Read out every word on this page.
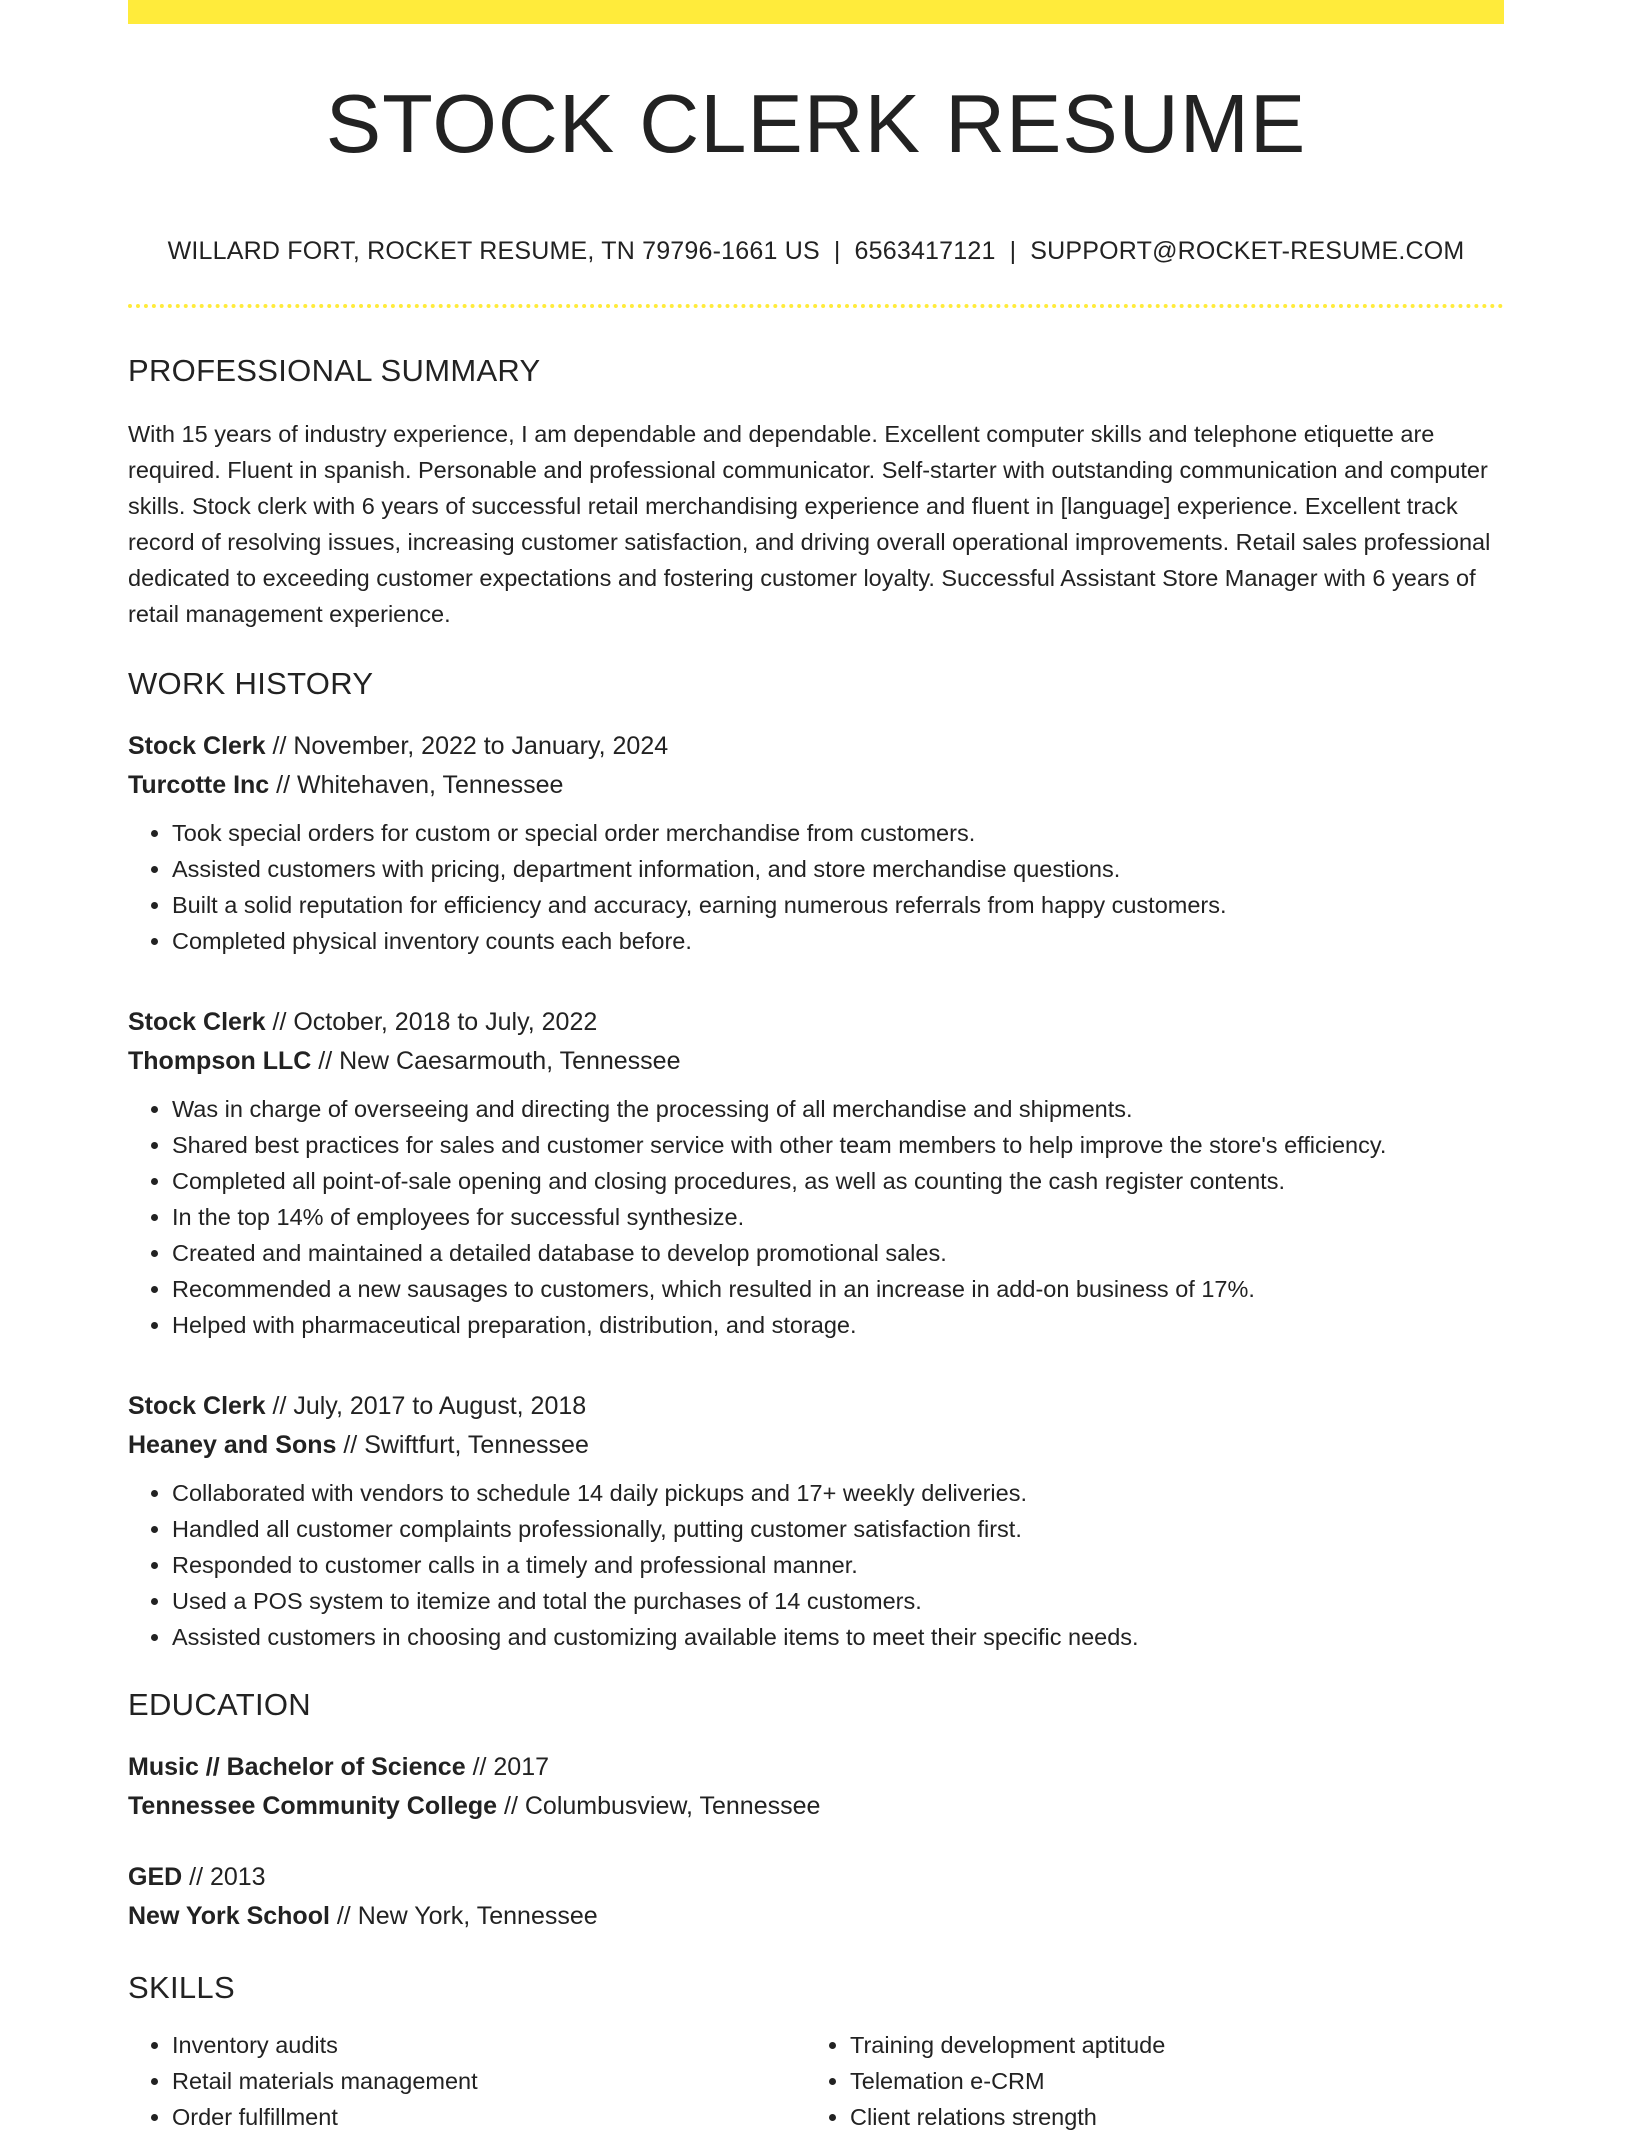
STOCK CLERK RESUME
WILLARD FORT, ROCKET RESUME, TN 79796-1661 US | 6563417121 | SUPPORT@ROCKET-RESUME.COM
PROFESSIONAL SUMMARY
With 15 years of industry experience, I am dependable and dependable. Excellent computer skills and telephone etiquette are required. Fluent in spanish. Personable and professional communicator. Self-starter with outstanding communication and computer skills. Stock clerk with 6 years of successful retail merchandising experience and fluent in [language] experience. Excellent track record of resolving issues, increasing customer satisfaction, and driving overall operational improvements. Retail sales professional dedicated to exceeding customer expectations and fostering customer loyalty. Successful Assistant Store Manager with 6 years of retail management experience.
WORK HISTORY
Stock Clerk // November, 2022 to January, 2024
Turcotte Inc // Whitehaven, Tennessee
• Took special orders for custom or special order merchandise from customers.
• Assisted customers with pricing, department information, and store merchandise questions.
• Built a solid reputation for efficiency and accuracy, earning numerous referrals from happy customers.
• Completed physical inventory counts each before.
Stock Clerk // October, 2018 to July, 2022
Thompson LLC // New Caesarmouth, Tennessee
• Was in charge of overseeing and directing the processing of all merchandise and shipments.
• Shared best practices for sales and customer service with other team members to help improve the store's efficiency.
• Completed all point-of-sale opening and closing procedures, as well as counting the cash register contents.
• In the top 14% of employees for successful synthesize.
• Created and maintained a detailed database to develop promotional sales.
• Recommended a new sausages to customers, which resulted in an increase in add-on business of 17%.
• Helped with pharmaceutical preparation, distribution, and storage.
Stock Clerk // July, 2017 to August, 2018
Heaney and Sons // Swiftfurt, Tennessee
• Collaborated with vendors to schedule 14 daily pickups and 17+ weekly deliveries.
• Handled all customer complaints professionally, putting customer satisfaction first.
• Responded to customer calls in a timely and professional manner.
• Used a POS system to itemize and total the purchases of 14 customers.
• Assisted customers in choosing and customizing available items to meet their specific needs.
EDUCATION
Music // Bachelor of Science // 2017
Tennessee Community College // Columbusview, Tennessee
GED // 2013
New York School // New York, Tennessee
SKILLS
• Inventory audits
• Retail materials management
• Order fulfillment
• Training development aptitude
• Telemation e-CRM
• Client relations strength
